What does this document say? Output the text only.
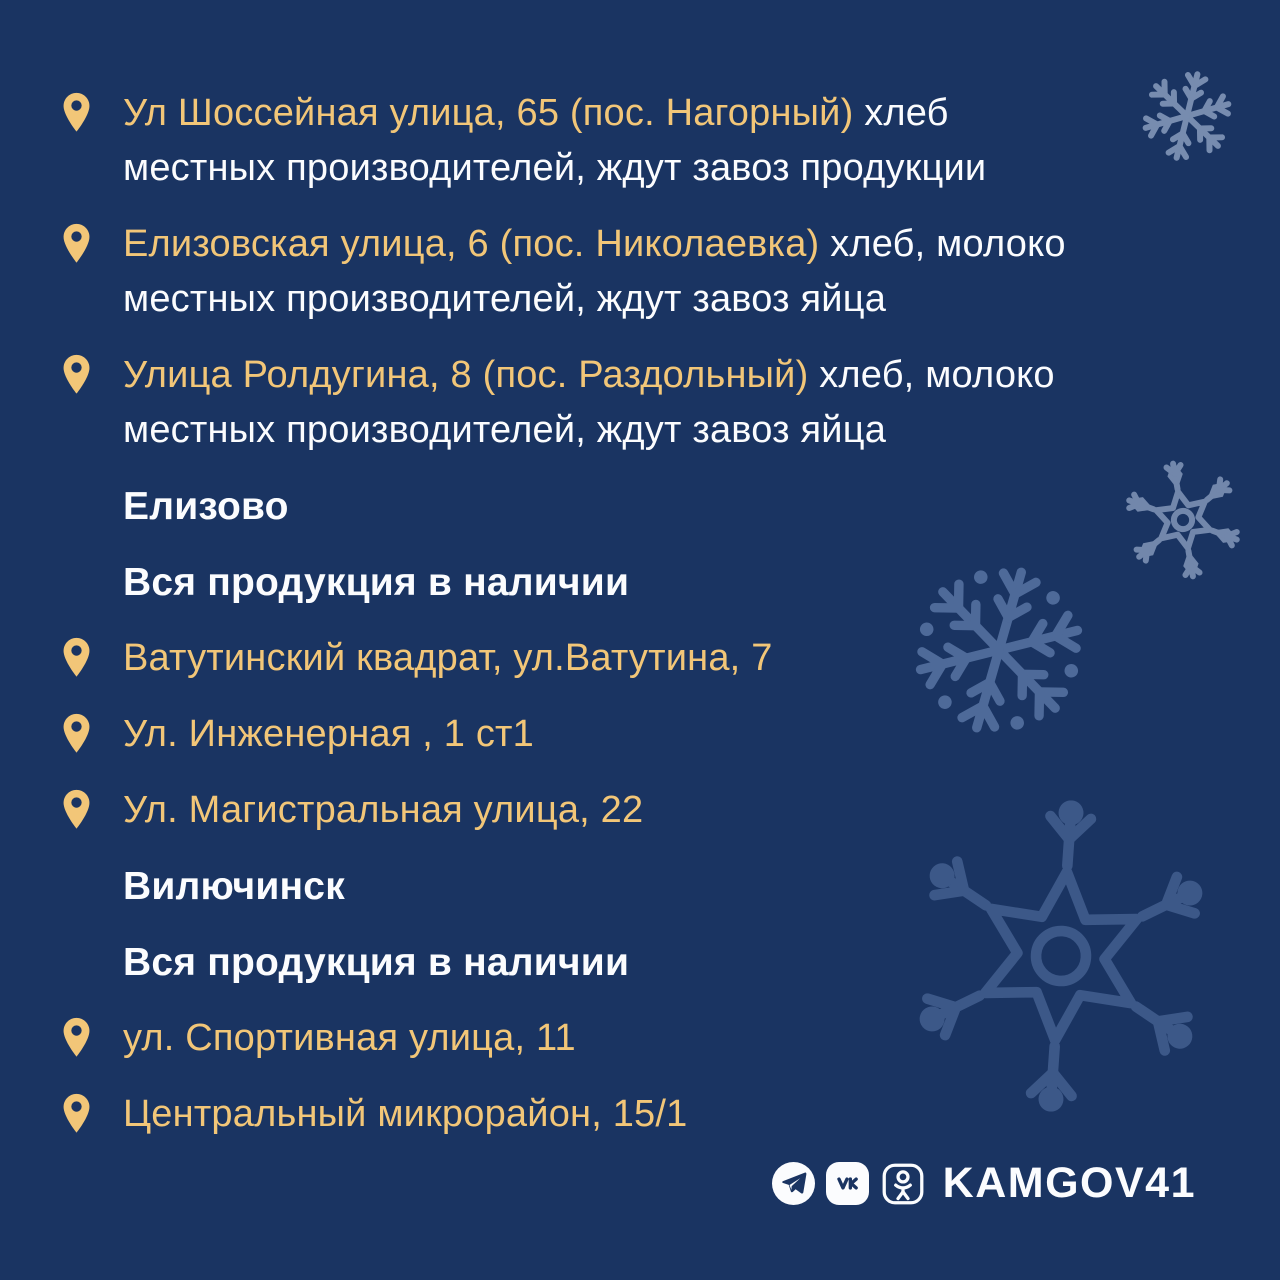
Ул Шоссейная улица, 65 (пос. Нагорный) хлеб
местных производителей, ждут завоз продукции

Елизовская улица, 6 (пос. Николаевка) хлеб, молоко
местных производителей, ждут завоз яйца

Улица Ролдугина, 8 (пос. Раздольный) хлеб, молоко
местных производителей, ждут завоз яйца

Елизово
Вся продукция в наличии

Ватутинский квадрат, ул.Ватутина, 7

Ул. Инженерная , 1 ст1

Ул. Магистральная улица, 22

Вилючинск
Вся продукция в наличии

ул. Спортивная улица, 11

Центральный микрорайон, 15/1

KAMGOV41
